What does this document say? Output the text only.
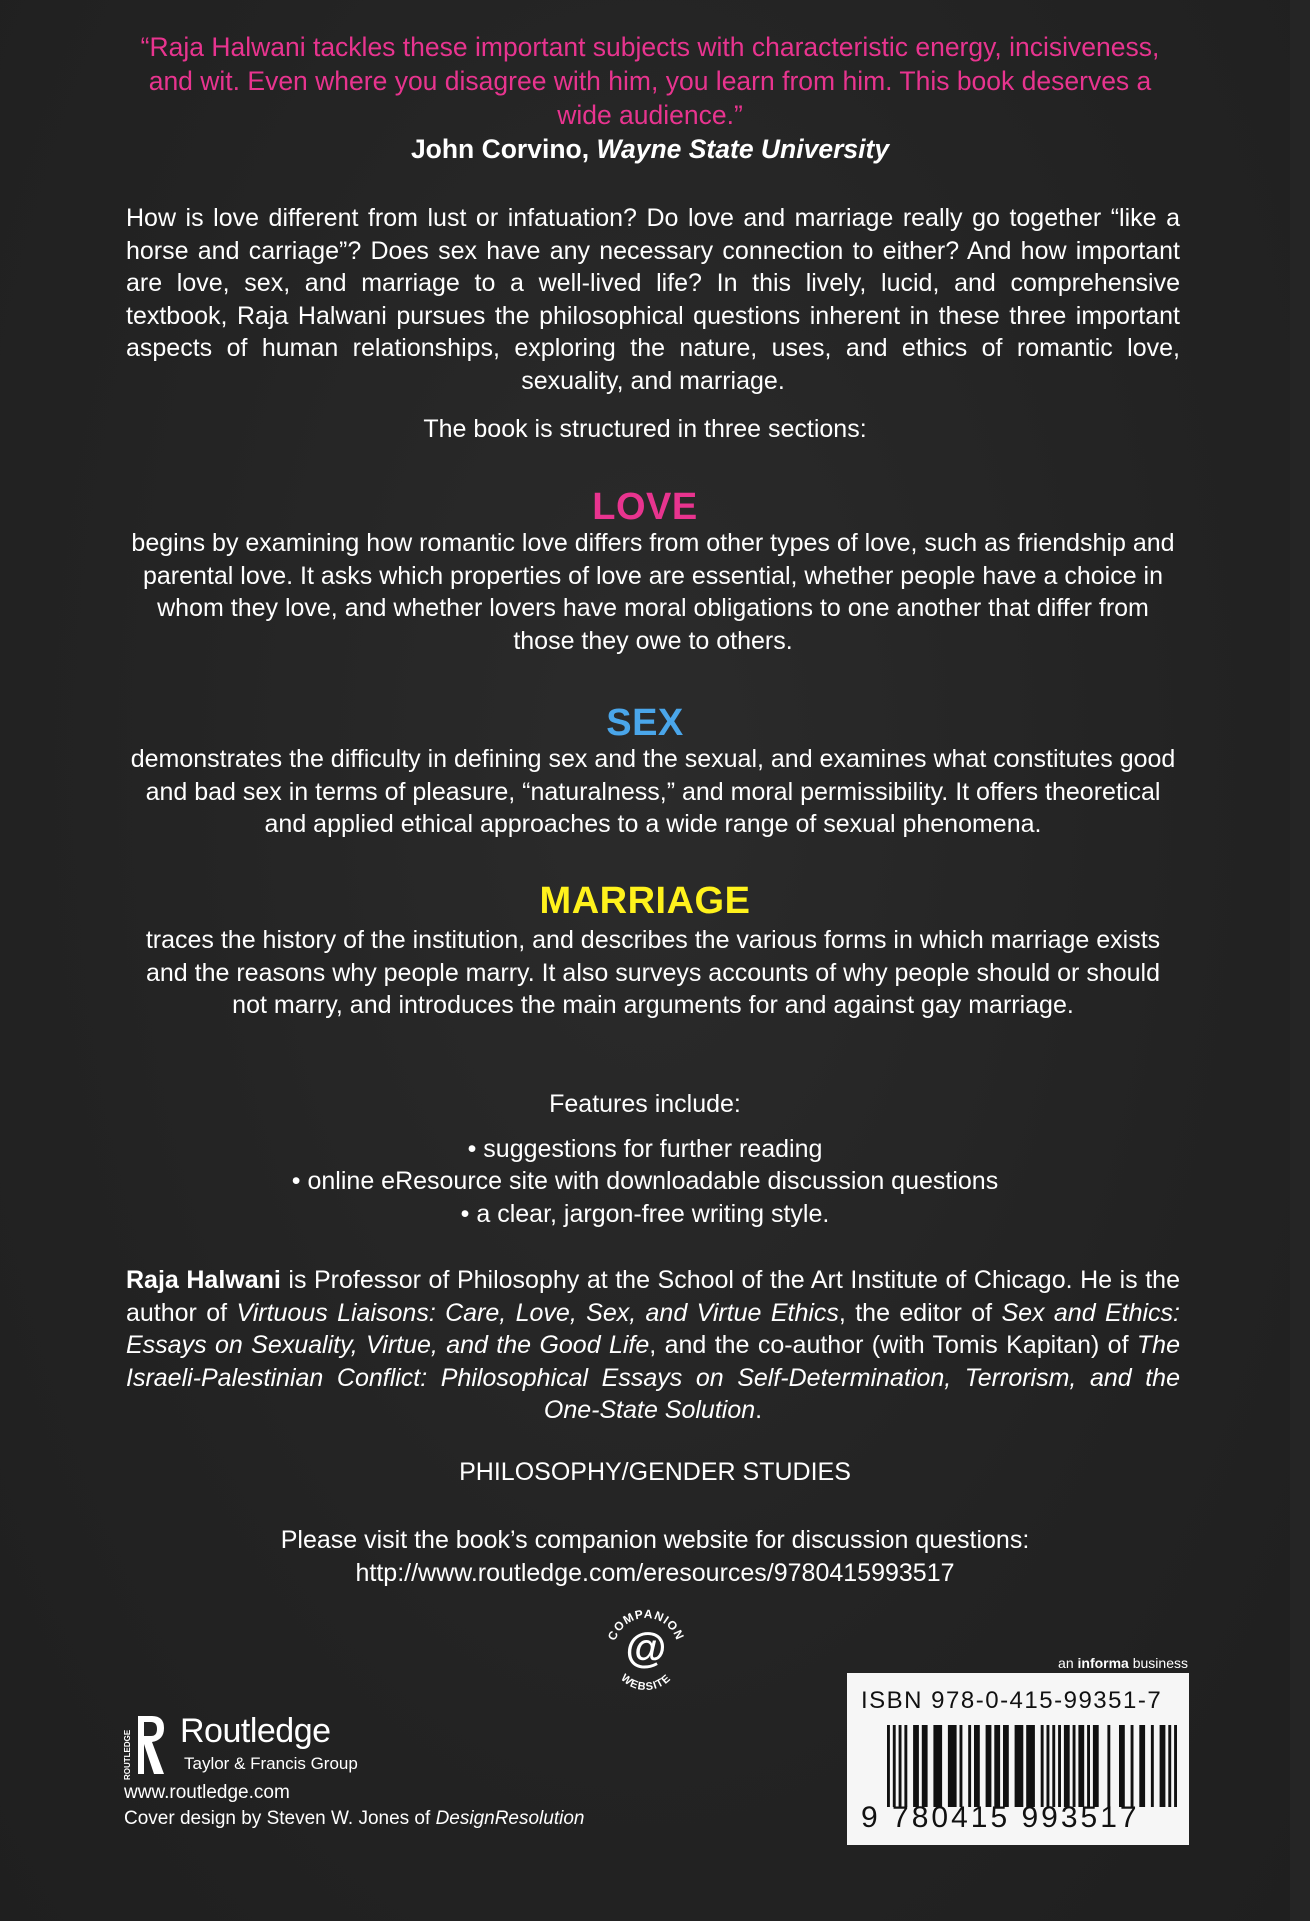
“Raja Halwani tackles these important subjects with characteristic energy, incisiveness, and wit. Even where you disagree with him, you learn from him. This book deserves a wide audience.”
John Corvino, Wayne State University
How is love different from lust or infatuation? Do love and marriage really go together “like a horse and carriage”? Does sex have any necessary connection to either? And how important are love, sex, and marriage to a well-lived life? In this lively, lucid, and comprehensive textbook, Raja Halwani pursues the philosophical questions inherent in these three important aspects of human relationships, exploring the nature, uses, and ethics of romantic love, sexuality, and marriage.
The book is structured in three sections:
LOVE
begins by examining how romantic love differs from other types of love, such as friendship and parental love. It asks which properties of love are essential, whether people have a choice in whom they love, and whether lovers have moral obligations to one another that differ from those they owe to others.
SEX
demonstrates the difficulty in defining sex and the sexual, and examines what constitutes good and bad sex in terms of pleasure, “naturalness,” and moral permissibility. It offers theoretical and applied ethical approaches to a wide range of sexual phenomena.
MARRIAGE
traces the history of the institution, and describes the various forms in which marriage exists and the reasons why people marry. It also surveys accounts of why people should or should not marry, and introduces the main arguments for and against gay marriage.
Features include:
• suggestions for further reading
• online eResource site with downloadable discussion questions
• a clear, jargon-free writing style.
Raja Halwani is Professor of Philosophy at the School of the Art Institute of Chicago. He is the author of Virtuous Liaisons: Care, Love, Sex, and Virtue Ethics, the editor of Sex and Ethics: Essays on Sexuality, Virtue, and the Good Life, and the co-author (with Tomis Kapitan) of The Israeli-Palestinian Conflict: Philosophical Essays on Self-Determination, Terrorism, and the One-State Solution.
PHILOSOPHY/GENDER STUDIES
Please visit the book’s companion website for discussion questions:
http://www.routledge.com/eresources/9780415993517
COMPANION
@
WEBSITE
an informa business
ISBN 978-0-415-99351-7
9 780415 993517
ROUTLEDGE Routledge
Taylor & Francis Group
www.routledge.com
Cover design by Steven W. Jones of DesignResolution
